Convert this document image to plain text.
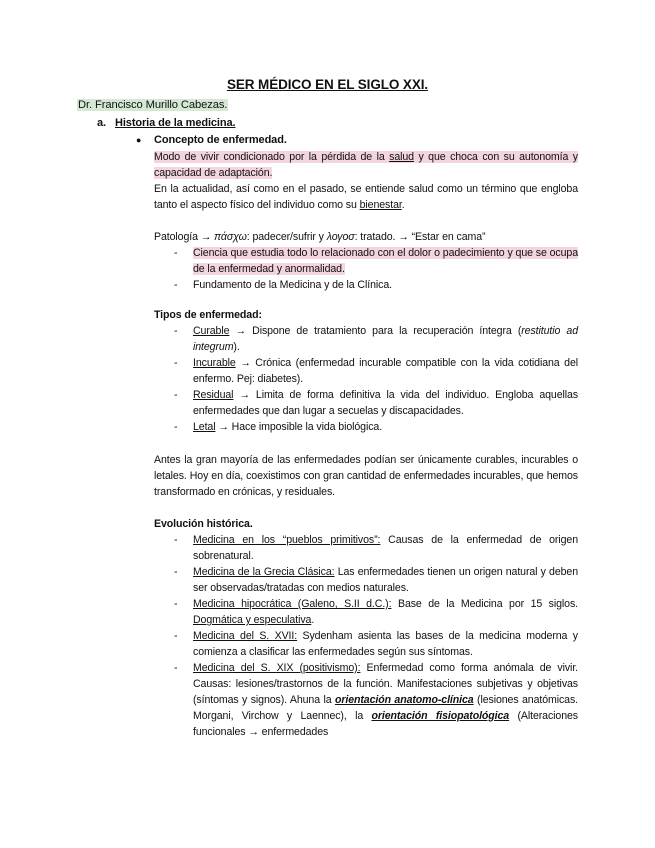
SER MÉDICO EN EL SIGLO XXI.
Dr. Francisco Murillo Cabezas.
a. Historia de la medicina.
● Concepto de enfermedad.
Modo de vivir condicionado por la pérdida de la salud y que choca con su autonomía y capacidad de adaptación.
En la actualidad, así como en el pasado, se entiende salud como un término que engloba tanto el aspecto físico del individuo como su bienestar.
Patología → πάσχω: padecer/sufrir y λογοσ: tratado. → “Estar en cama”
- Ciencia que estudia todo lo relacionado con el dolor o padecimiento y que se ocupa de la enfermedad y anormalidad.
- Fundamento de la Medicina y de la Clínica.
Tipos de enfermedad:
- Curable → Dispone de tratamiento para la recuperación íntegra (restitutio ad integrum).
- Incurable → Crónica (enfermedad incurable compatible con la vida cotidiana del enfermo. Pej: diabetes).
- Residual → Limita de forma definitiva la vida del individuo. Engloba aquellas enfermedades que dan lugar a secuelas y discapacidades.
- Letal → Hace imposible la vida biológica.
Antes la gran mayoría de las enfermedades podían ser únicamente curables, incurables o letales. Hoy en día, coexistimos con gran cantidad de enfermedades incurables, que hemos transformado en crónicas, y residuales.
Evolución histórica.
- Medicina en los “pueblos primitivos”: Causas de la enfermedad de origen sobrenatural.
- Medicina de la Grecia Clásica: Las enfermedades tienen un origen natural y deben ser observadas/tratadas con medios naturales.
- Medicina hipocrática (Galeno, S.II d.C.): Base de la Medicina por 15 siglos. Dogmática y especulativa.
- Medicina del S. XVII: Sydenham asienta las bases de la medicina moderna y comienza a clasificar las enfermedades según sus síntomas.
- Medicina del S. XIX (positivismo): Enfermedad como forma anómala de vivir. Causas: lesiones/trastornos de la función. Manifestaciones subjetivas y objetivas (síntomas y signos). Ahuna la orientación anatomo-clínica (lesiones anatómicas. Morgani, Virchow y Laennec), la orientación fisiopatológica (Alteraciones funcionales → enfermedades
